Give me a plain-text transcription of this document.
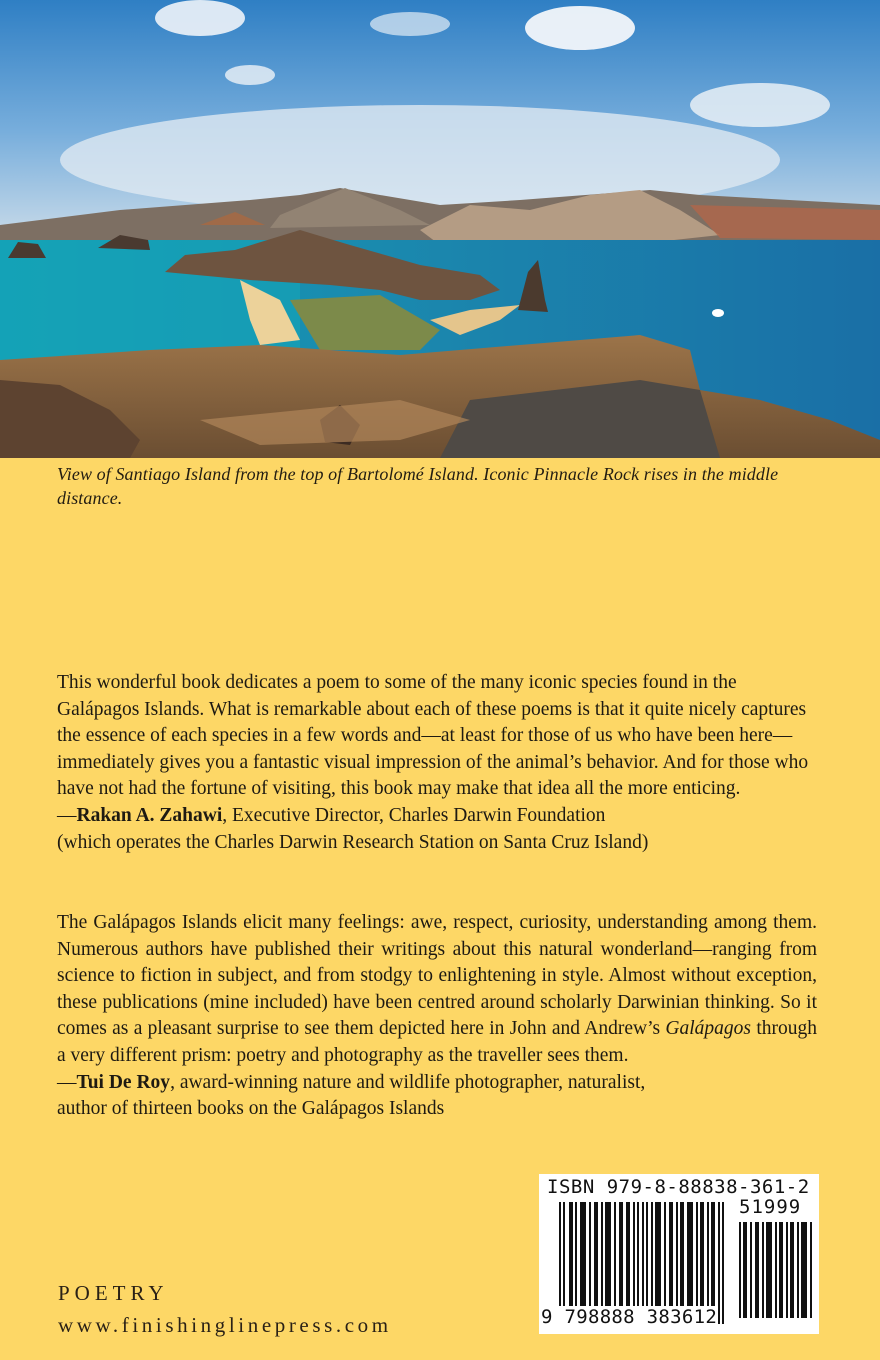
View of Santiago Island from the top of Bartolomé Island. Iconic Pinnacle Rock rises in the middle distance.

This wonderful book dedicates a poem to some of the many iconic species found in the Galápagos Islands. What is remarkable about each of these poems is that it quite nicely captures the essence of each species in a few words and—at least for those of us who have been here—immediately gives you a fantastic visual impression of the animal’s behavior. And for those who have not had the fortune of visiting, this book may make that idea all the more enticing.

—Rakan A. Zahawi, Executive Director, Charles Darwin Foundation
(which operates the Charles Darwin Research Station on Santa Cruz Island)

The Galápagos Islands elicit many feelings: awe, respect, curiosity, understanding among them. Numerous authors have published their writings about this natural wonderland—ranging from science to fiction in subject, and from stodgy to enlightening in style. Almost without exception, these publications (mine included) have been centred around scholarly Darwinian thinking. So it comes as a pleasant surprise to see them depicted here in John and Andrew’s Galápagos through a very different prism: poetry and photography as the traveller sees them.

—Tui De Roy, award-winning nature and wildlife photographer, naturalist,
author of thirteen books on the Galápagos Islands

ISBN 979-8-88838-361-2
51999
9 798888 383612
POETRY
www.finishinglinepress.com
